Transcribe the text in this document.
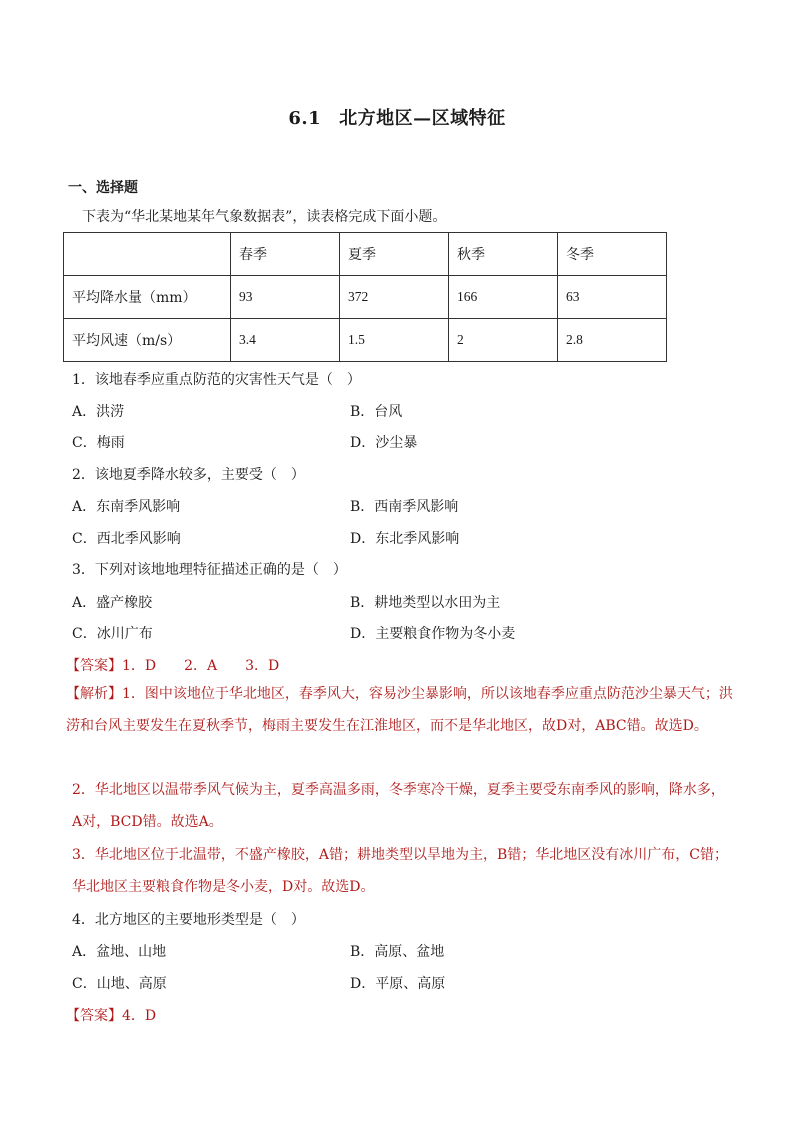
6.1 北方地区—区域特征
一、选择题
下表为“华北某地某年气象数据表”，读表格完成下面小题。
	春季	夏季	秋季	冬季
平均降水量（mm）	93	372	166	63
平均风速（m/s）	3.4	1.5	2	2.8
1．该地春季应重点防范的灾害性天气是（　）
A．洪涝	B．台风
C．梅雨	D．沙尘暴
2．该地夏季降水较多，主要受（　）
A．东南季风影响	B．西南季风影响
C．西北季风影响	D．东北季风影响
3．下列对该地地理特征描述正确的是（　）
A．盛产橡胶	B．耕地类型以水田为主
C．冰川广布	D．主要粮食作物为冬小麦
【答案】1．D　　2．A　　3．D
【解析】1．图中该地位于华北地区，春季风大，容易沙尘暴影响，所以该地春季应重点防范沙尘暴天气；洪涝和台风主要发生在夏秋季节，梅雨主要发生在江淮地区，而不是华北地区，故D对，ABC错。故选D。
2．华北地区以温带季风气候为主，夏季高温多雨，冬季寒冷干燥，夏季主要受东南季风的影响，降水多，A对，BCD错。故选A。
3．华北地区位于北温带，不盛产橡胶，A错；耕地类型以旱地为主，B错；华北地区没有冰川广布，C错；华北地区主要粮食作物是冬小麦，D对。故选D。
4．北方地区的主要地形类型是（　）
A．盆地、山地	B．高原、盆地
C．山地、高原	D．平原、高原
【答案】4．D
